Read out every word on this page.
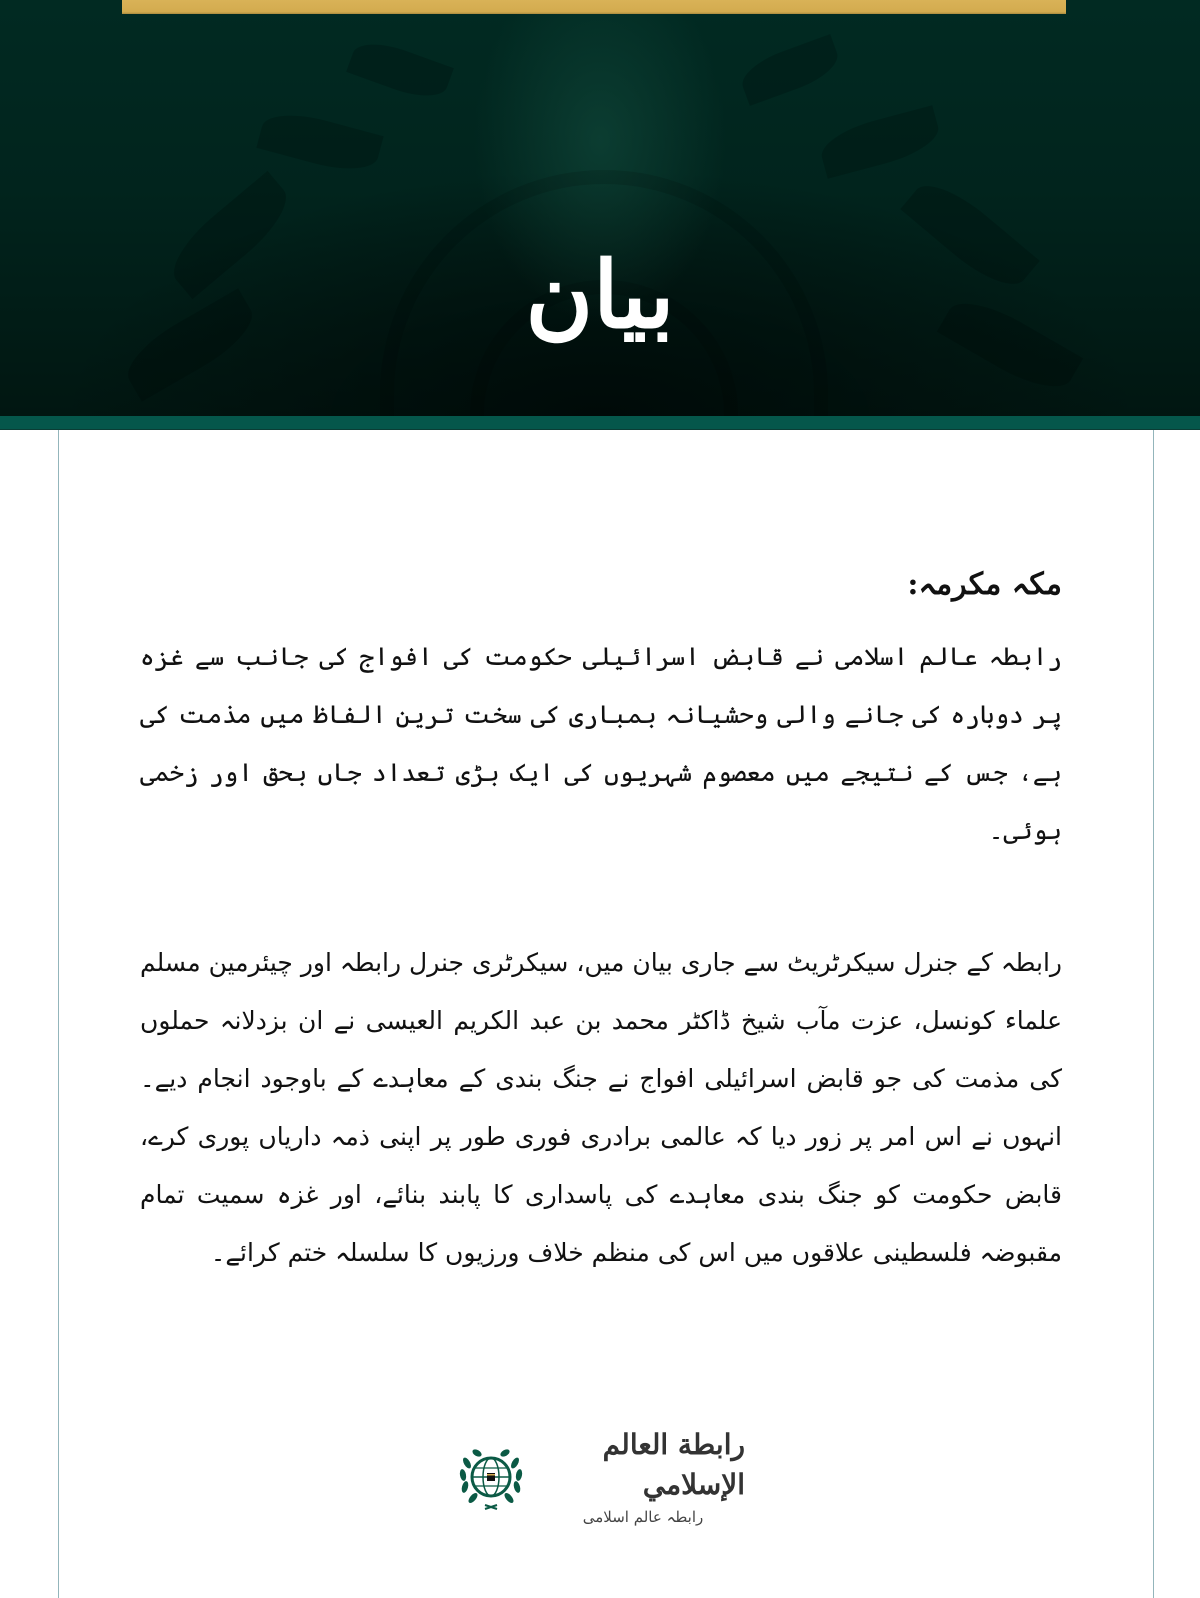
بیان
مکہ مکرمہ:

رابطہ عالم اسلامی نے قابض اسرائیلی حکومت کی افواج کی جانب سے غزہ پر دوبارہ کی جانے والی وحشیانہ بمباری کی سخت ترین الفاظ میں مذمت کی ہے، جس کے نتیجے میں معصوم شہریوں کی ایک بڑی تعداد جاں بحق اور زخمی ہوئی۔

رابطہ کے جنرل سیکرٹریٹ سے جاری بیان میں، سیکرٹری جنرل رابطہ اور چیئرمین مسلم علماء کونسل، عزت مآب شیخ ڈاکٹر محمد بن عبد الکریم العیسی نے ان بزدلانہ حملوں کی مذمت کی جو قابض اسرائیلی افواج نے جنگ بندی کے معاہدے کے باوجود انجام دیے۔ انہوں نے اس امر پر زور دیا کہ عالمی برادری فوری طور پر اپنی ذمہ داریاں پوری کرے، قابض حکومت کو جنگ بندی معاہدے کی پاسداری کا پابند بنائے، اور غزہ سمیت تمام مقبوضہ فلسطینی علاقوں میں اس کی منظم خلاف ورزیوں کا سلسلہ ختم کرائے۔

رابطة العالم الإسلامي
رابطہ عالم اسلامی
